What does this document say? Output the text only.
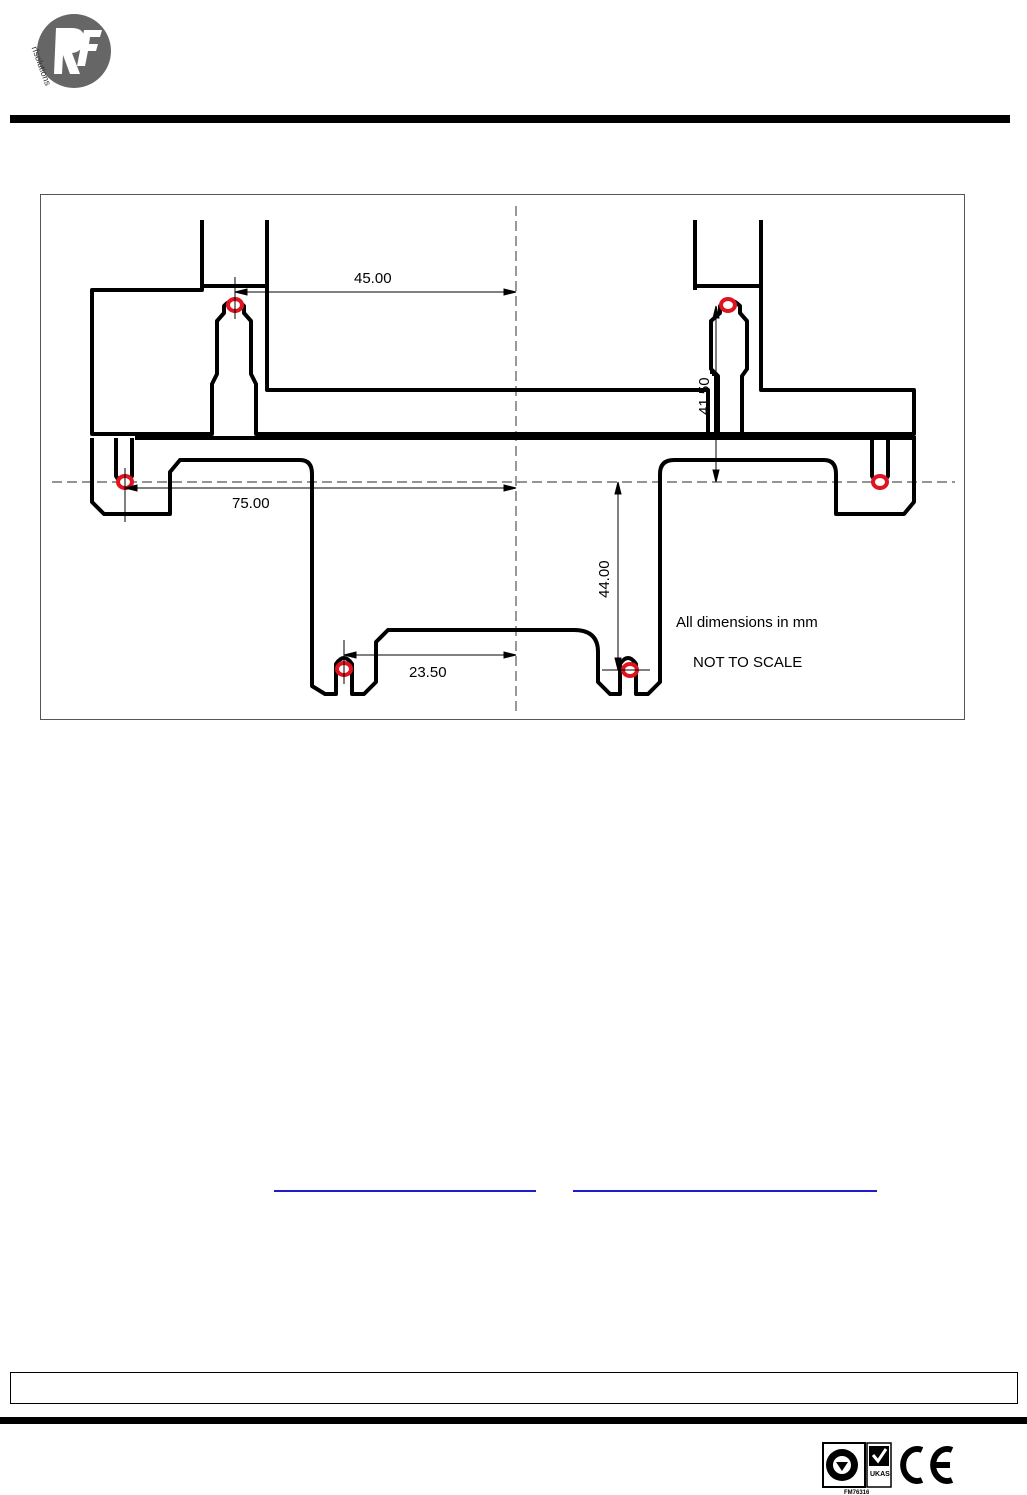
rfsolutions
45.00
41.50
75.00
44.00
23.50
All dimensions in mm
NOT TO SCALE
UKAS
FM76316
